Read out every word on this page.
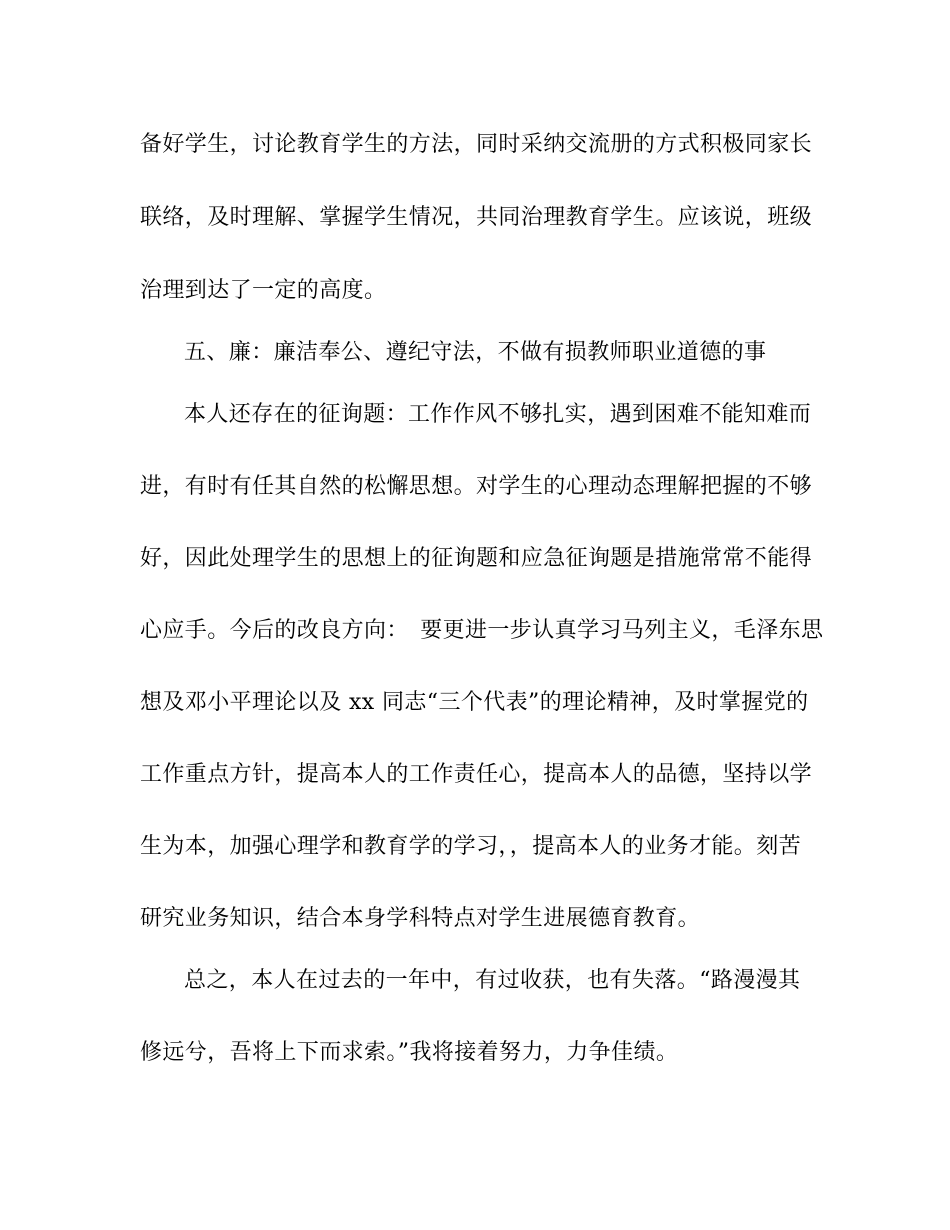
备好学生，讨论教育学生的方法，同时采纳交流册的方式积极同家长
联络，及时理解、掌握学生情况，共同治理教育学生。应该说，班级
治理到达了一定的高度。
五、廉：廉洁奉公、遵纪守法，不做有损教师职业道德的事
本人还存在的征询题：工作作风不够扎实，遇到困难不能知难而
进，有时有任其自然的松懈思想。对学生的心理动态理解把握的不够
好，因此处理学生的思想上的征询题和应急征询题是措施常常不能得
心应手。今后的改良方向：　要更进一步认真学习马列主义，毛泽东思
想及邓小平理论以及 xx 同志“三个代表”的理论精神，及时掌握党的
工作重点方针，提高本人的工作责任心，提高本人的品德，坚持以学
生为本，加强心理学和教育学的学习，，提高本人的业务才能。刻苦
研究业务知识，结合本身学科特点对学生进展德育教育。
总之，本人在过去的一年中，有过收获，也有失落。“路漫漫其
修远兮，吾将上下而求索。”我将接着努力，力争佳绩。
